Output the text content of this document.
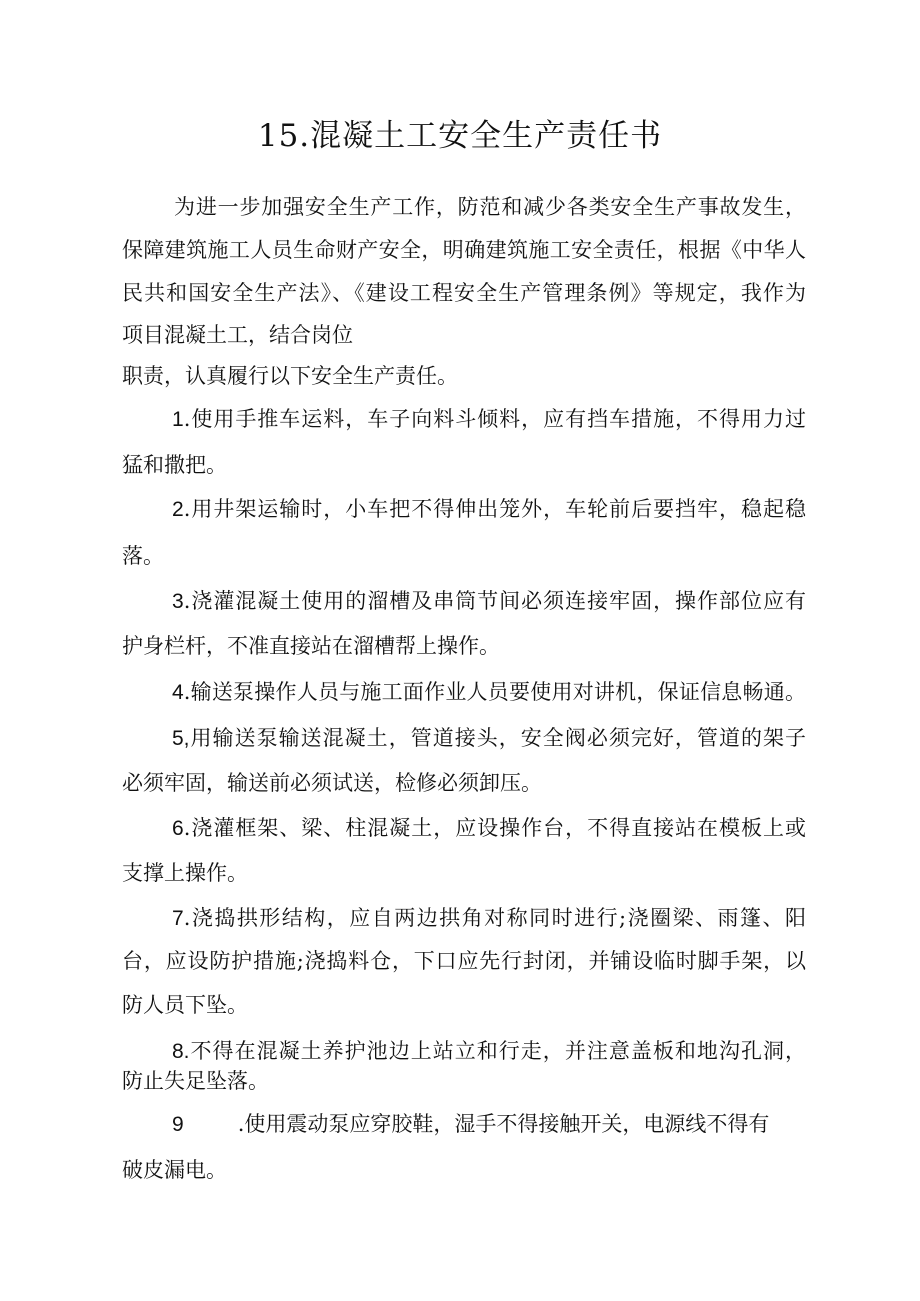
15.混凝土工安全生产责任书
为进一步加强安全生产工作，防范和减少各类安全生产事故发生，
保障建筑施工人员生命财产安全，明确建筑施工安全责任，根据《中华人
民共和国安全生产法》、《建设工程安全生产管理条例》等规定，我作为
项目混凝土工，结合岗位
职责，认真履行以下安全生产责任。
1.使用手推车运料，车子向料斗倾料，应有挡车措施，不得用力过
猛和撒把。
2.用井架运输时，小车把不得伸出笼外，车轮前后要挡牢，稳起稳
落。
3.浇灌混凝土使用的溜槽及串筒节间必须连接牢固，操作部位应有
护身栏杆，不准直接站在溜槽帮上操作。
4.输送泵操作人员与施工面作业人员要使用对讲机，保证信息畅通。
5,用输送泵输送混凝土，管道接头，安全阀必须完好，管道的架子
必须牢固，输送前必须试送，检修必须卸压。
6.浇灌框架、梁、柱混凝土，应设操作台，不得直接站在模板上或
支撑上操作。
7.浇捣拱形结构，应自两边拱角对称同时进行;浇圈梁、雨篷、阳
台，应设防护措施;浇捣料仓，下口应先行封闭，并铺设临时脚手架，以
防人员下坠。
8.不得在混凝土养护池边上站立和行走，并注意盖板和地沟孔洞，
防止失足坠落。
9	.使用震动泵应穿胶鞋，湿手不得接触开关，电源线不得有
破皮漏电。
